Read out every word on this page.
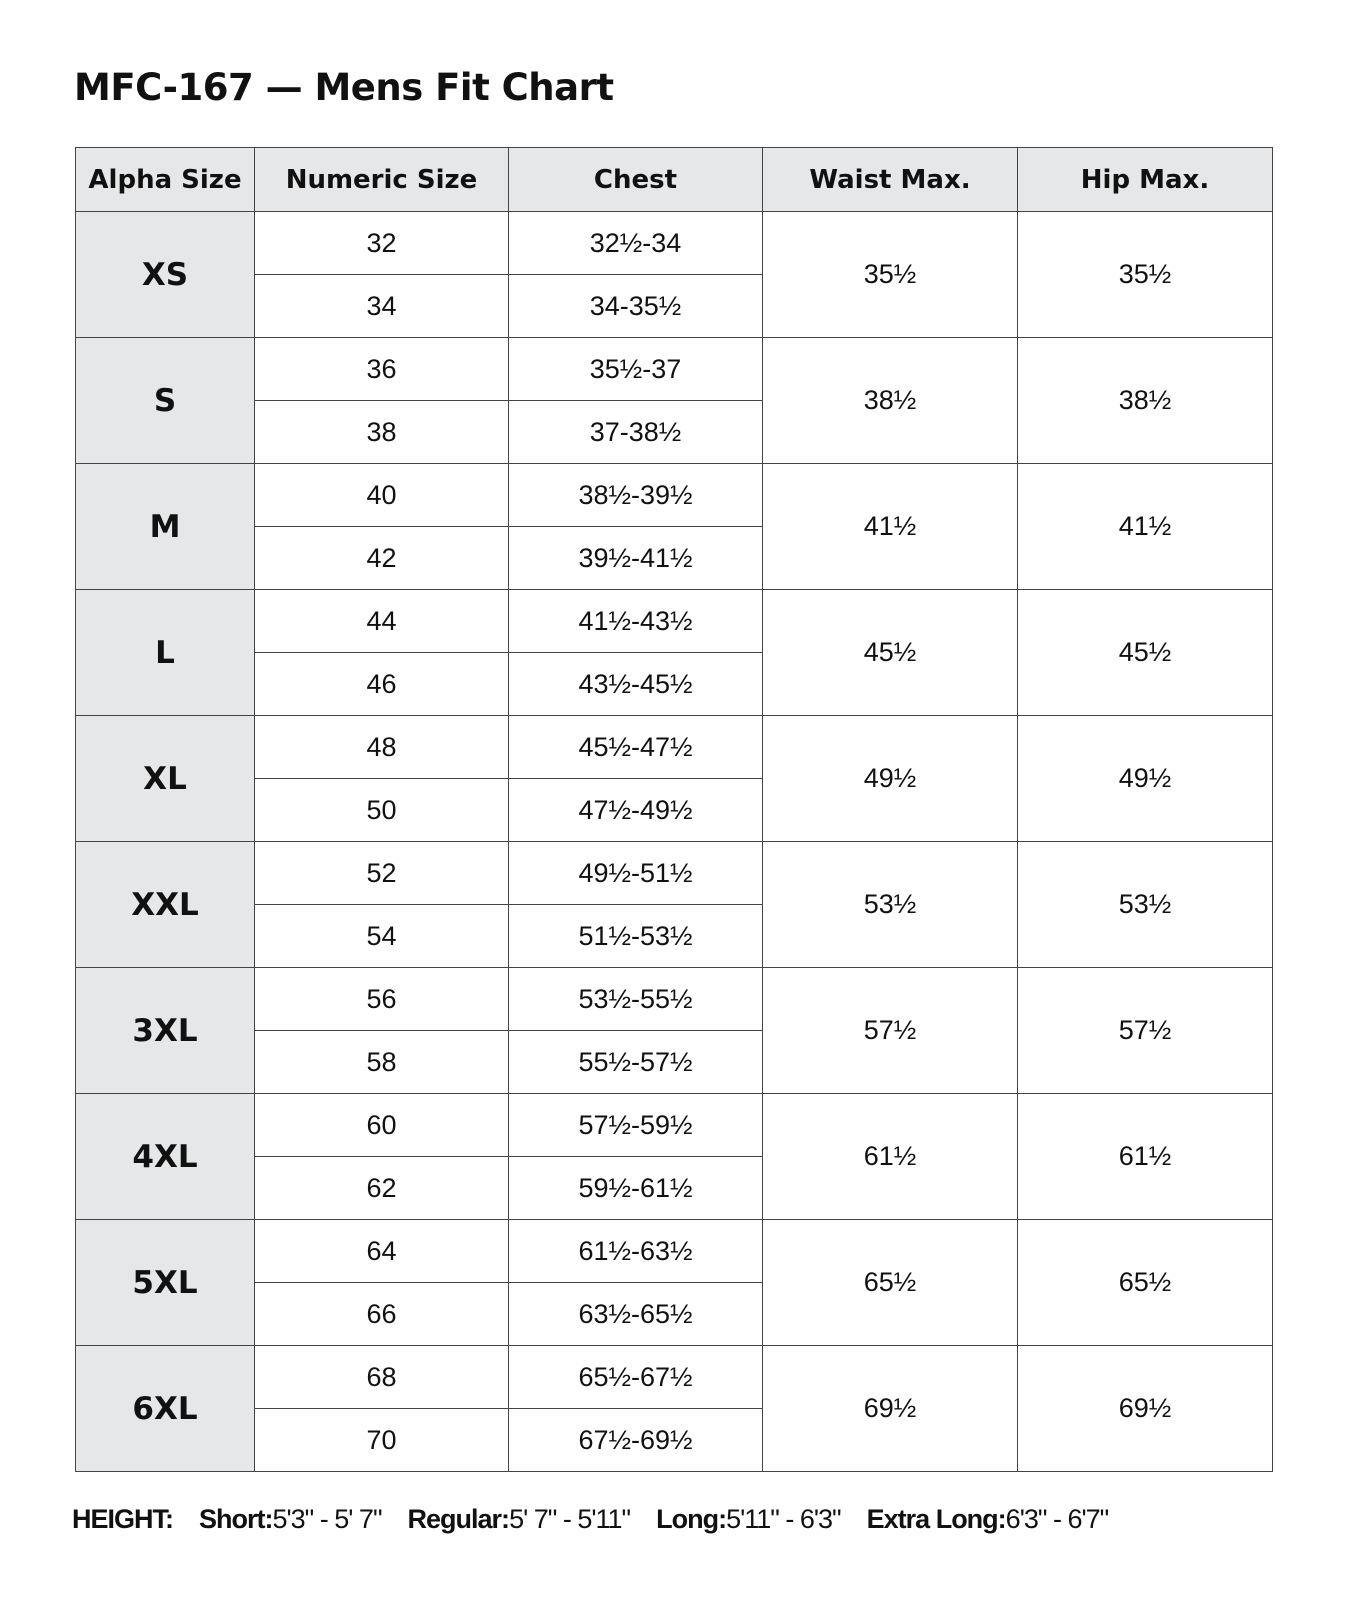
MFC-167 — Mens Fit Chart
Alpha Size	Numeric Size	Chest	Waist Max.	Hip Max.
XS	32	32½-34	35½	35½
	34	34-35½		
S	36	35½-37	38½	38½
	38	37-38½		
M	40	38½-39½	41½	41½
	42	39½-41½		
L	44	41½-43½	45½	45½
	46	43½-45½		
XL	48	45½-47½	49½	49½
	50	47½-49½		
XXL	52	49½-51½	53½	53½
	54	51½-53½		
3XL	56	53½-55½	57½	57½
	58	55½-57½		
4XL	60	57½-59½	61½	61½
	62	59½-61½		
5XL	64	61½-63½	65½	65½
	66	63½-65½		
6XL	68	65½-67½	69½	69½
	70	67½-69½		
HEIGHT: Short:5'3" - 5' 7" Regular:5' 7" - 5'11" Long:5'11" - 6'3" Extra Long:6'3" - 6'7"
